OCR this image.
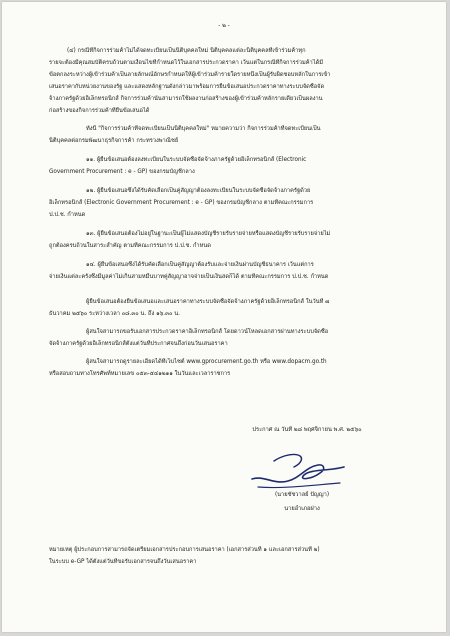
- ๒ -
(๔) กรณีที่กิจการร่วมค้าไม่ได้จดทะเบียนเป็นนิติบุคคลใหม่ นิติบุคคลแต่ละนิติบุคคลที่เข้าร่วมค้าทุก
รายจะต้องมีคุณสมบัติครบถ้วนตามเงื่อนไขที่กำหนดไว้ในเอกสารประกวดราคา เว้นแต่ในกรณีที่กิจการร่วมค้าได้มี
ข้อตกลงระหว่างผู้เข้าร่วมค้าเป็นลายลักษณ์อักษรกำหนดให้ผู้เข้าร่วมค้ารายใดรายหนึ่งเป็นผู้รับผิดชอบหลักในการเข้า
เสนอราคากับหน่วยงานของรัฐ และแสดงหลักฐานดังกล่าวมาพร้อมการยื่นข้อเสนอประกวดราคาทางระบบจัดซื้อจัด
จ้างภาครัฐด้วยอิเล็กทรอนิกส์ กิจการร่วมค้านั้นสามารถใช้ผลงานก่อสร้างของผู้เข้าร่วมค้าหลักรายเดียวเป็นผลงาน
ก่อสร้างของกิจการร่วมค้าที่ยื่นข้อเสนอได้
ทั้งนี้ "กิจการร่วมค้าที่จดทะเบียนเป็นนิติบุคคลใหม่" หมายความว่า กิจการร่วมค้าที่จดทะเบียนเป็น
นิติบุคคลต่อกรมพัฒนาธุรกิจการค้า กระทรวงพาณิชย์
๑๑. ผู้ยื่นข้อเสนอต้องลงทะเบียนในระบบจัดซื้อจัดจ้างภาครัฐด้วยอิเล็กทรอนิกส์ (Electronic
Government Procurement : e - GP) ของกรมบัญชีกลาง
๑๒. ผู้ยื่นข้อเสนอซึ่งได้รับคัดเลือกเป็นคู่สัญญาต้องลงทะเบียนในระบบจัดซื้อจัดจ้างภาครัฐด้วย
อิเล็กทรอนิกส์ (Electronic Government Procurement : e - GP) ของกรมบัญชีกลาง ตามที่คณะกรรมการ
ป.ป.ช. กำหนด
๑๓. ผู้ยื่นข้อเสนอต้องไม่อยู่ในฐานะเป็นผู้ไม่แสดงบัญชีรายรับรายจ่ายหรือแสดงบัญชีรายรับรายจ่ายไม่
ถูกต้องครบถ้วนในสาระสำคัญ ตามที่คณะกรรมการ ป.ป.ช. กำหนด
๑๔. ผู้ยื่นข้อเสนอซึ่งได้รับคัดเลือกเป็นคู่สัญญาต้องรับและจ่ายเงินผ่านบัญชีธนาคาร เว้นแต่การ
จ่ายเงินแต่ละครั้งซึ่งมีมูลค่าไม่เกินสามหมื่นบาทคู่สัญญาอาจจ่ายเป็นเงินสดก็ได้ ตามที่คณะกรรมการ ป.ป.ช. กำหนด
ผู้ยื่นข้อเสนอต้องยื่นข้อเสนอและเสนอราคาทางระบบจัดซื้อจัดจ้างภาครัฐด้วยอิเล็กทรอนิกส์ ในวันที่ ๗
ธันวาคม ๒๕๖๐ ระหว่างเวลา ๐๘.๓๐ น. ถึง ๑๖.๓๐ น.
ผู้สนใจสามารถขอรับเอกสารประกวดราคาอิเล็กทรอนิกส์ โดยดาวน์โหลดเอกสารผ่านทางระบบจัดซื้อ
จัดจ้างภาครัฐด้วยอิเล็กทรอนิกส์ตั้งแต่วันที่ประกาศจนถึงก่อนวันเสนอราคา
ผู้สนใจสามารถดูรายละเอียดได้ที่เว็บไซต์ www.gprocurement.go.th หรือ www.dopacm.go.th
หรือสอบถามทางโทรศัพท์หมายเลข ๐๕๓-๕๔๑๒๑๑ ในวันและเวลาราชการ
ประกาศ ณ วันที่ ๒๘ พฤศจิกายน พ.ศ. ๒๕๖๐
(นายชัชวาลย์ ปัญญา)
นายอำเภอฝาง
หมายเหตุ ผู้ประกอบการสามารถจัดเตรียมเอกสารประกอบการเสนอราคา (เอกสารส่วนที่ ๑ และเอกสารส่วนที่ ๒)
ในระบบ e-GP ได้ตั้งแต่วันที่ขอรับเอกสารจนถึงวันเสนอราคา
